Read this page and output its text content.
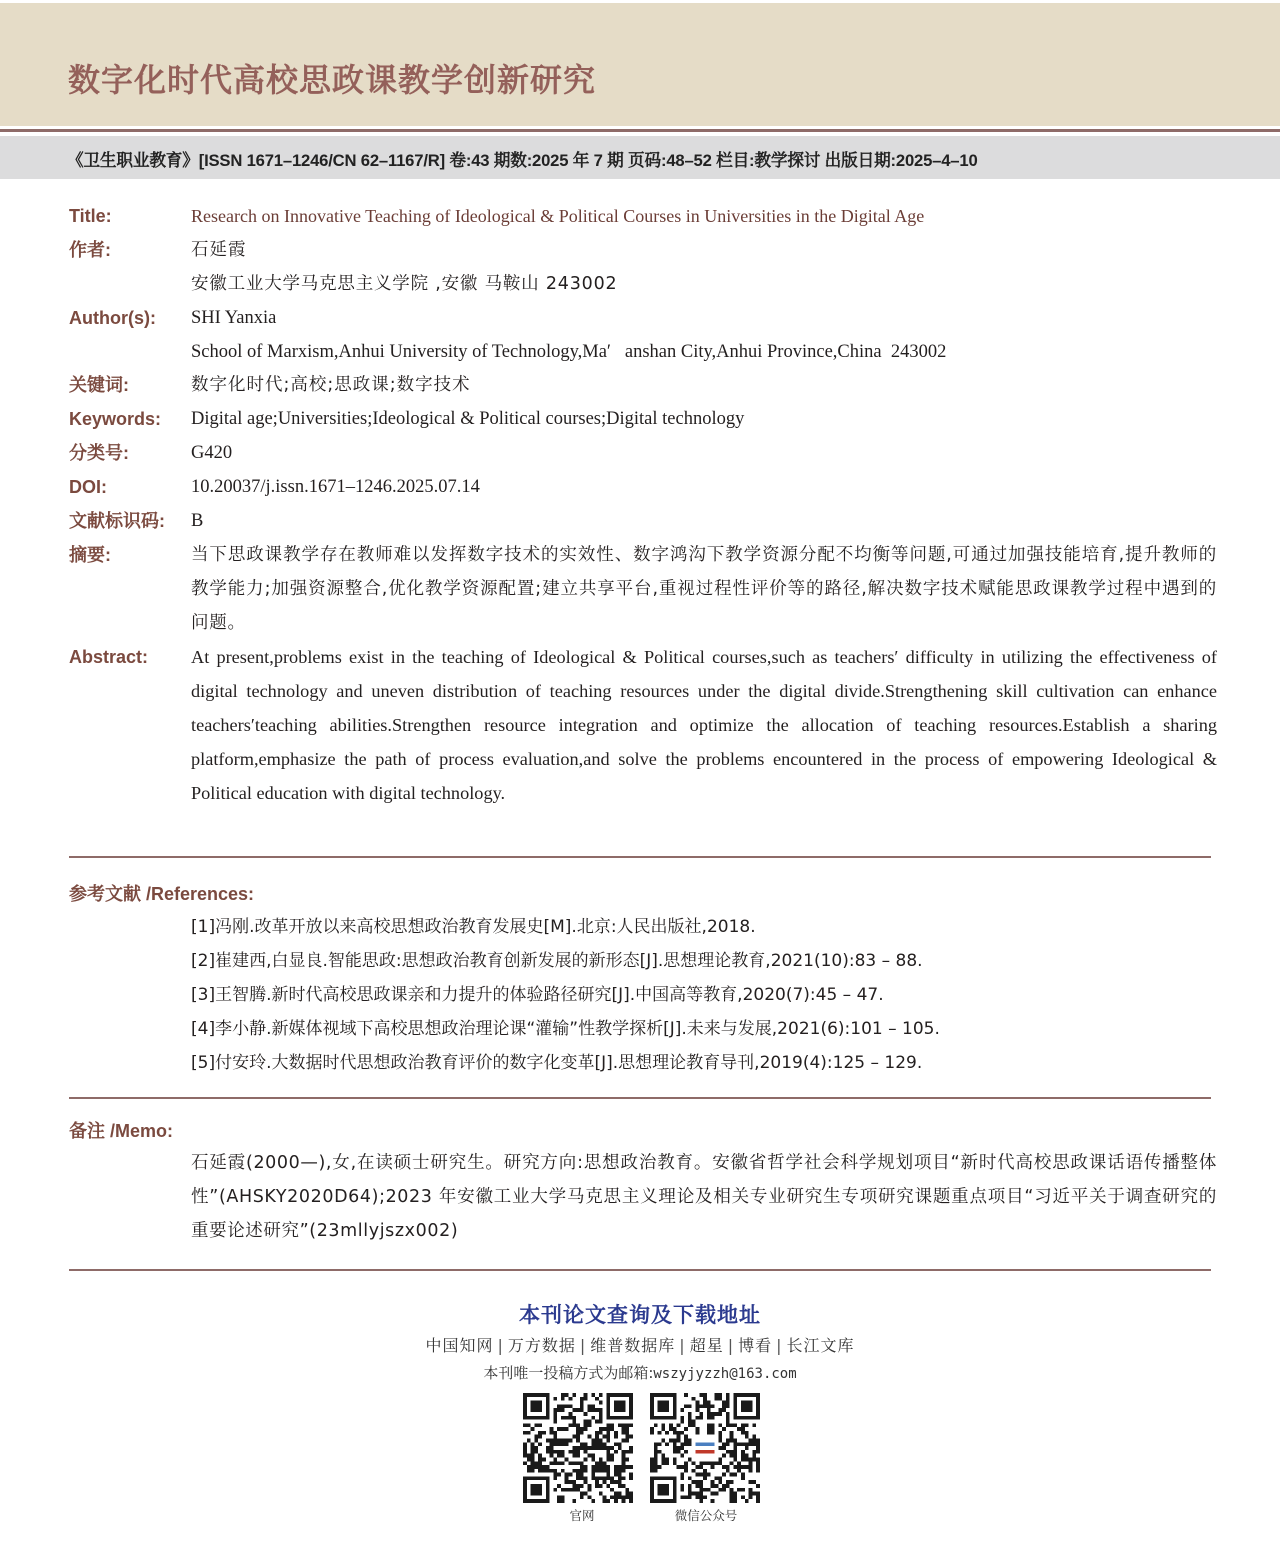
数字化时代高校思政课教学创新研究
《卫生职业教育》[ISSN 1671–1246/CN 62–1167/R] 卷:43 期数:2025 年 7 期 页码:48–52 栏目:教学探讨 出版日期:2025–4–10
Title:	Research on Innovative Teaching of Ideological & Political Courses in Universities in the Digital Age
作者:	石延霞
安徽工业大学马克思主义学院 ,安徽 马鞍山 243002
Author(s): SHI Yanxia
School of Marxism,Anhui University of Technology,Ma′   anshan City,Anhui Province,China  243002
关键词:	数字化时代;高校;思政课;数字技术
Keywords: Digital age;Universities;Ideological & Political courses;Digital technology
分类号:	G420
DOI:	10.20037/j.issn.1671–1246.2025.07.14
文献标识码: B
摘要:	当下思政课教学存在教师难以发挥数字技术的实效性、数字鸿沟下教学资源分配不均衡等问题,可通过加强技能培育,提升教师的教学能力;加强资源整合,优化教学资源配置;建立共享平台,重视过程性评价等的路径,解决数字技术赋能思政课教学过程中遇到的问题。
Abstract: At present,problems exist in the teaching of Ideological & Political courses,such as teachers′ difficulty in utilizing the effectiveness of digital technology and uneven distribution of teaching resources under the digital divide.Strengthening skill cultivation can enhance teachers′teaching abilities.Strengthen resource integration and optimize the allocation of teaching resources.Establish a sharing platform,emphasize the path of process evaluation,and solve the problems encountered in the process of empowering Ideological & Political education with digital technology.
参考文献 /References:
[1]冯刚.改革开放以来高校思想政治教育发展史[M].北京:人民出版社,2018.
[2]崔建西,白显良.智能思政:思想政治教育创新发展的新形态[J].思想理论教育,2021(10):83 – 88.
[3]王智腾.新时代高校思政课亲和力提升的体验路径研究[J].中国高等教育,2020(7):45 – 47.
[4]李小静.新媒体视域下高校思想政治理论课“灌输”性教学探析[J].未来与发展,2021(6):101 – 105.
[5]付安玲.大数据时代思想政治教育评价的数字化变革[J].思想理论教育导刊,2019(4):125 – 129.
备注 /Memo:
石延霞(2000—),女,在读硕士研究生。研究方向:思想政治教育。安徽省哲学社会科学规划项目“新时代高校思政课话语传播整体性”(AHSKY2020D64);2023 年安徽工业大学马克思主义理论及相关专业研究生专项研究课题重点项目“习近平关于调查研究的重要论述研究”(23mllyjszx002)
本刊论文查询及下载地址
中国知网 | 万方数据 | 维普数据库 | 超星 | 博看 | 长江文库
本刊唯一投稿方式为邮箱:wszyjyzzh@163.com
官网	微信公众号
